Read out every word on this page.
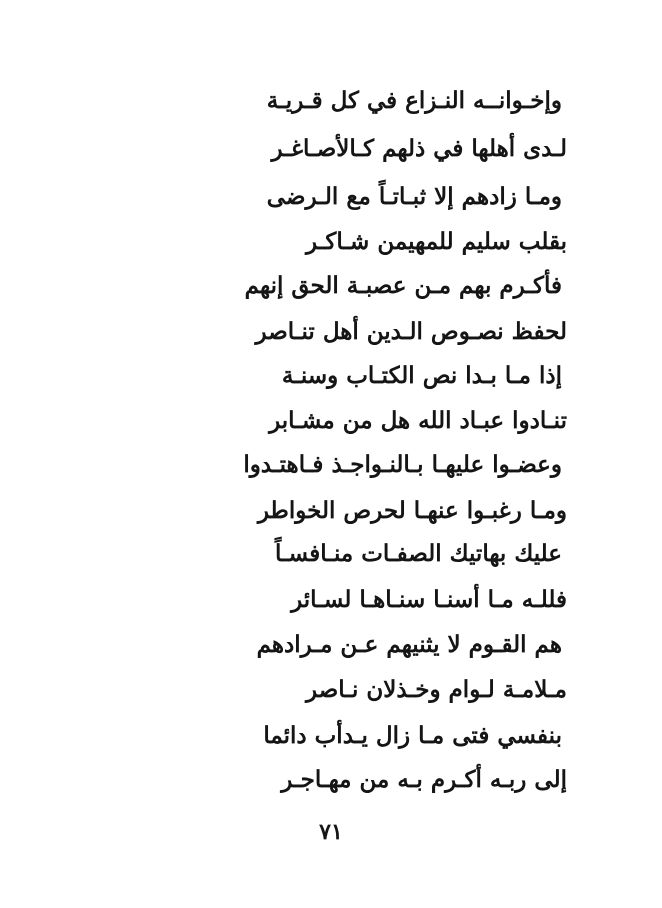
وإخـوانــه النـزاع في كل قـريـة
لـدى أهلها في ذلهم كـالأصـاغـر
ومـا زادهم إلا ثبـاتـاً مع الـرضى
بقلب سليم للمهيمن شـاكـر
فأكـرم بهم مـن عصبـة الحق إنهم
لحفظ نصـوص الـدين أهل تنـاصر
إذا مـا بـدا نص الكتـاب وسنـة
تنـادوا عبـاد الله هل من مشـابر
وعضـوا عليهـا بـالنـواجـذ فـاهتـدوا
ومـا رغبـوا عنهـا لحرص الخواطر
عليك بهاتيك الصفـات منـافسـاً
فللـه مـا أسنـا سنـاهـا لسـائر
هم القـوم لا يثنيهم عـن مـرادهم
مـلامـة لـوام وخـذلان نـاصر
بنفسي فتى مـا زال يـدأب دائما
إلى ربـه أكـرم بـه من مهـاجـر
٧١
